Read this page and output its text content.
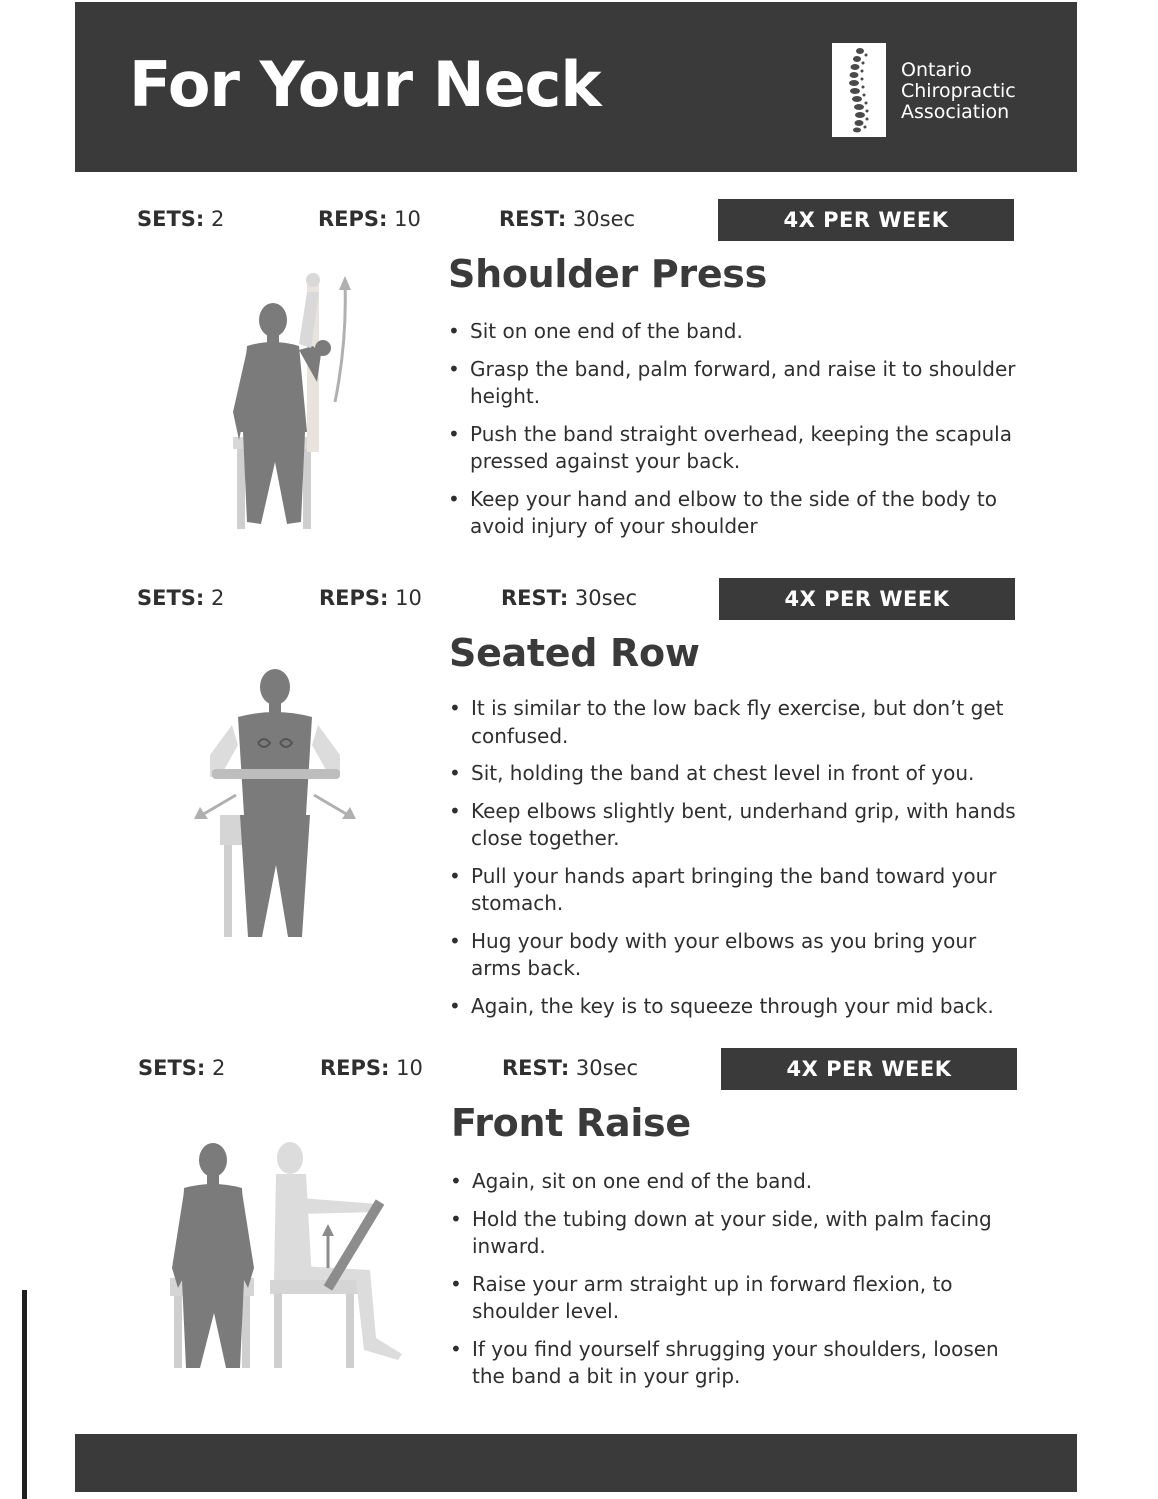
For Your Neck	Ontario
Chiropractic
Association
SETS: 2	REPS: 10	REST: 30sec	4X PER WEEK
Shoulder Press
• Sit on one end of the band.
• Grasp the band, palm forward, and raise it to shoulder height.
• Push the band straight overhead, keeping the scapula pressed against your back.
• Keep your hand and elbow to the side of the body to avoid injury of your shoulder
SETS: 2	REPS: 10	REST: 30sec	4X PER WEEK
Seated Row
• It is similar to the low back fly exercise, but don’t get confused.
• Sit, holding the band at chest level in front of you.
• Keep elbows slightly bent, underhand grip, with hands close together.
• Pull your hands apart bringing the band toward your stomach.
• Hug your body with your elbows as you bring your arms back.
• Again, the key is to squeeze through your mid back.
SETS: 2	REPS: 10	REST: 30sec	4X PER WEEK
Front Raise
• Again, sit on one end of the band.
• Hold the tubing down at your side, with palm facing inward.
• Raise your arm straight up in forward flexion, to shoulder level.
• If you find yourself shrugging your shoulders, loosen the band a bit in your grip.
